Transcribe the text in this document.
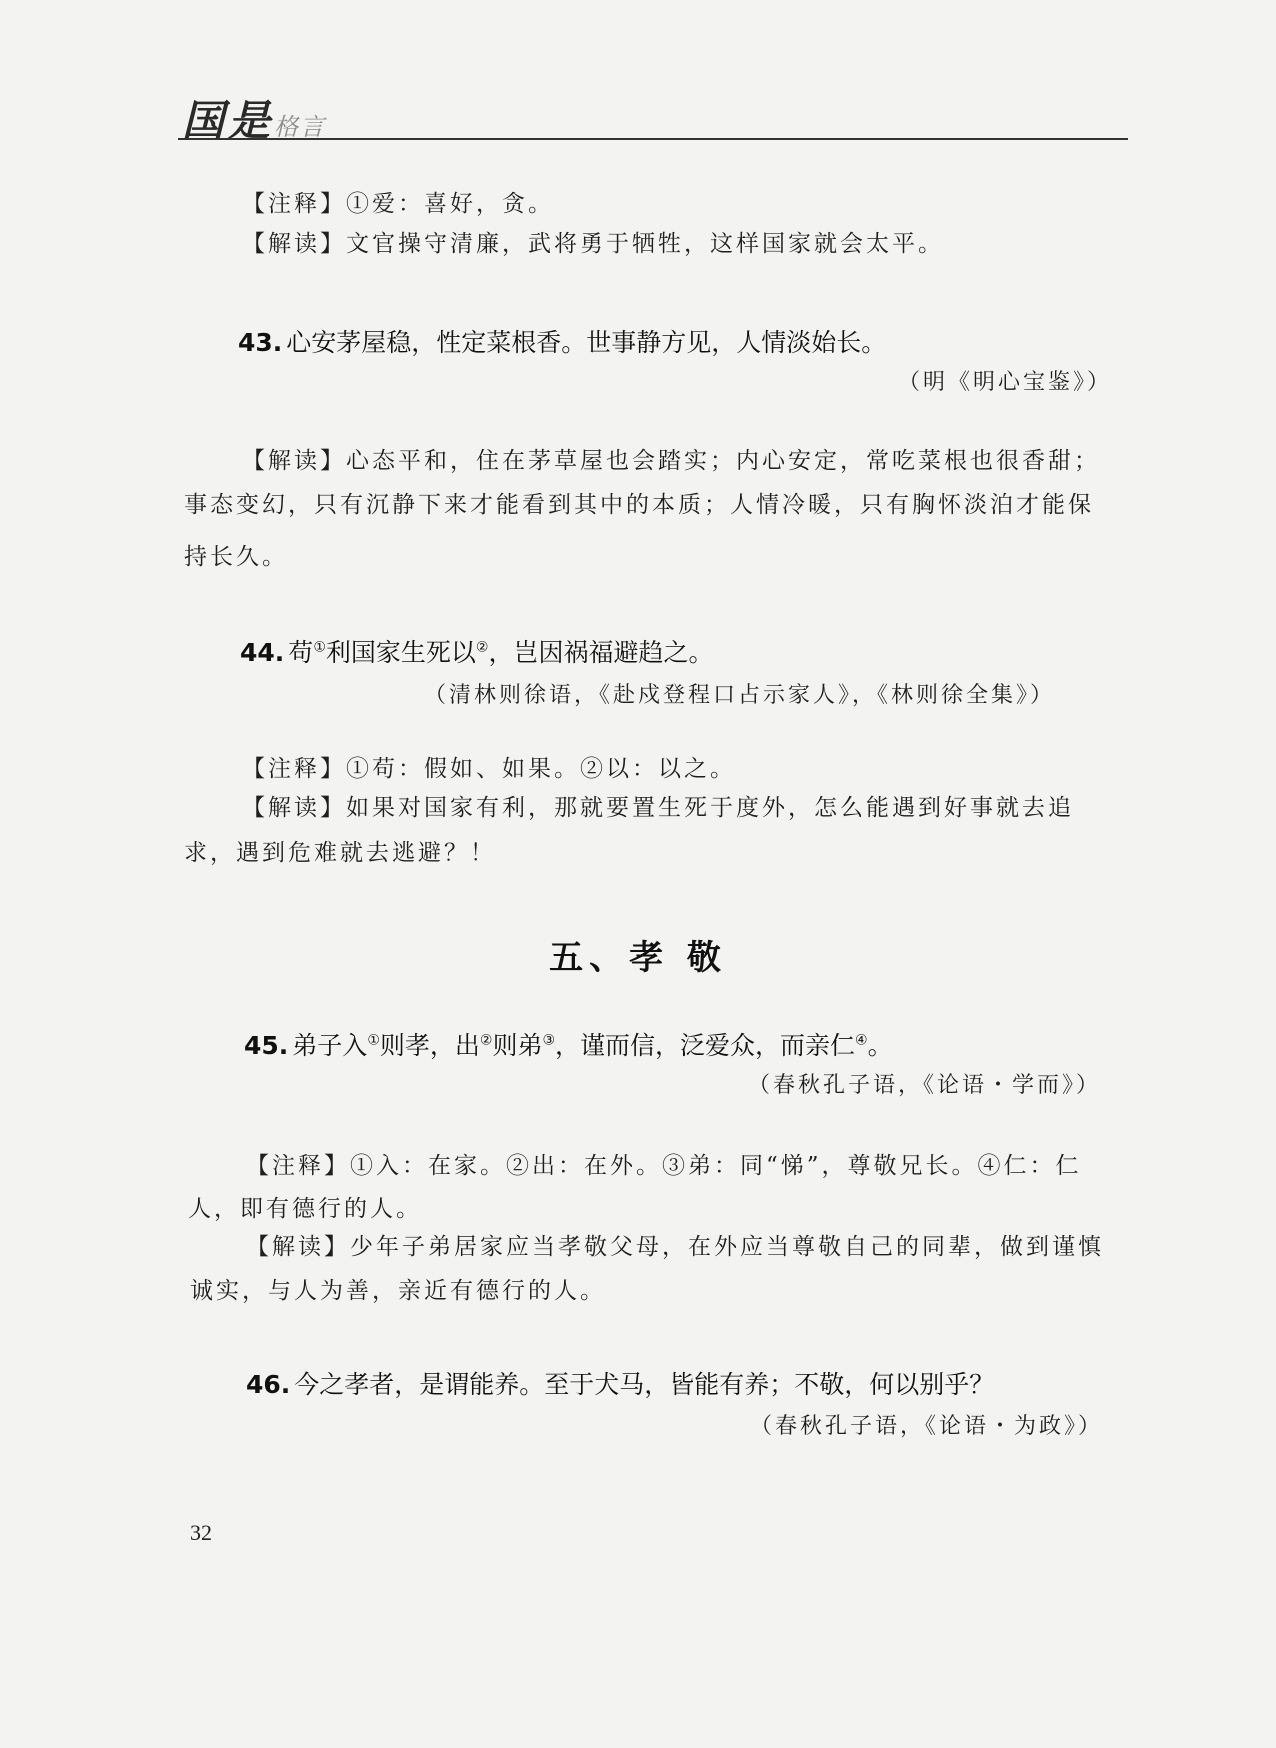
国是格言
【注释】①爱：喜好，贪。
【解读】文官操守清廉，武将勇于牺牲，这样国家就会太平。
43. 心安茅屋稳，性定菜根香。世事静方见，人情淡始长。
（明《明心宝鉴》）
【解读】心态平和，住在茅草屋也会踏实；内心安定，常吃菜根也很香甜；
事态变幻，只有沉静下来才能看到其中的本质；人情冷暖，只有胸怀淡泊才能保
持长久。
44. 苟①利国家生死以②，岂因祸福避趋之。
（清林则徐语，《赴戍登程口占示家人》，《林则徐全集》）
【注释】①苟：假如、如果。②以：以之。
【解读】如果对国家有利，那就要置生死于度外，怎么能遇到好事就去追
求，遇到危难就去逃避？！
五、孝 敬
45. 弟子入①则孝，出②则弟③，谨而信，泛爱众，而亲仁④。
（春秋孔子语，《论语・学而》）
【注释】①入：在家。②出：在外。③弟：同“悌”，尊敬兄长。④仁：仁
人，即有德行的人。
【解读】少年子弟居家应当孝敬父母，在外应当尊敬自己的同辈，做到谨慎
诚实，与人为善，亲近有德行的人。
46. 今之孝者，是谓能养。至于犬马，皆能有养；不敬，何以别乎？
（春秋孔子语，《论语・为政》）
32
